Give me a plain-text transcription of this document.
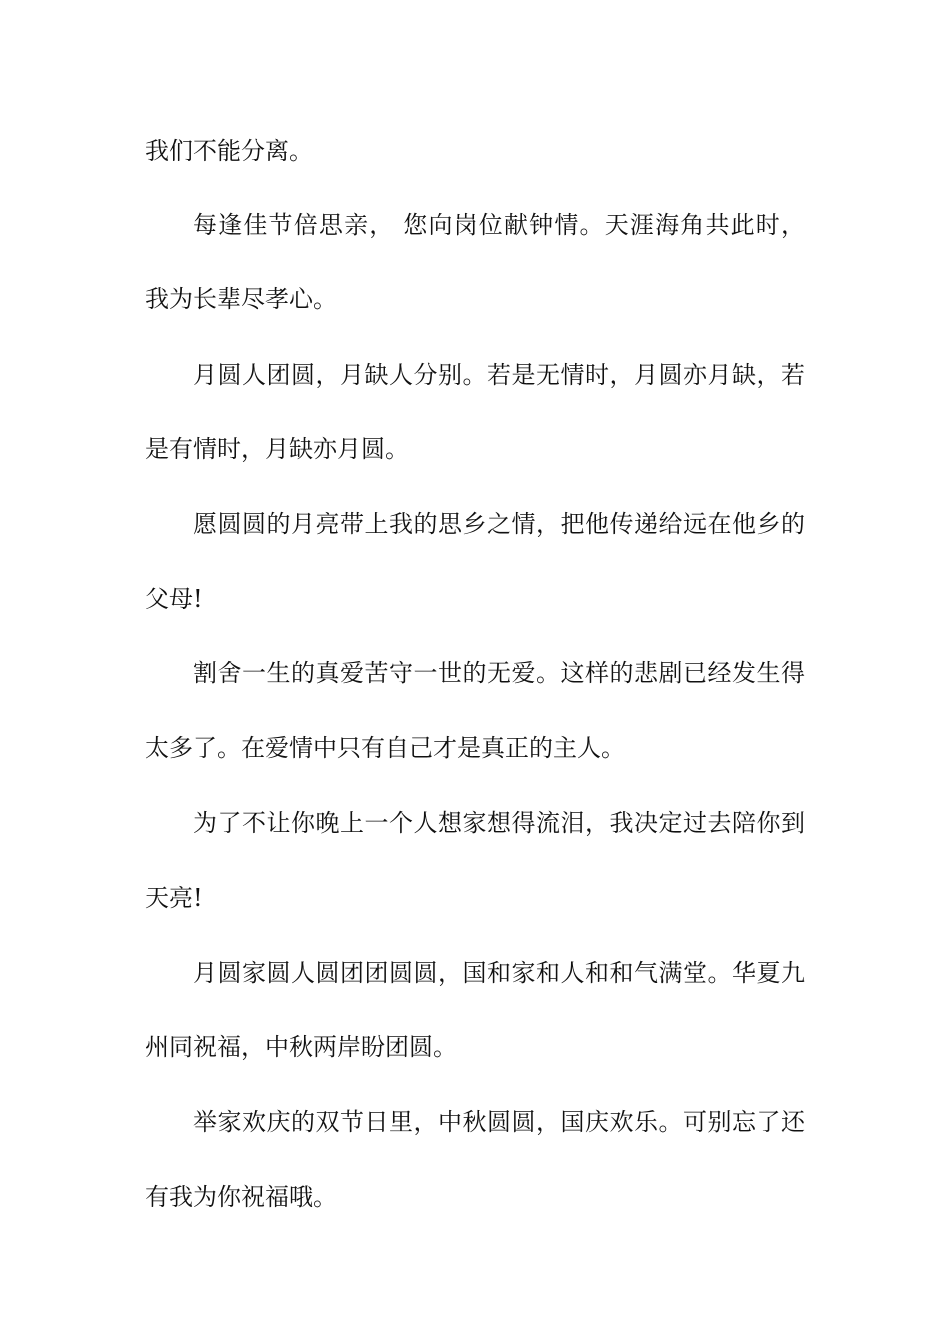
我们不能分离。

每逢佳节倍思亲， 您向岗位献钟情。天涯海角共此时，

我为长辈尽孝心。

月圆人团圆，月缺人分别。若是无情时，月圆亦月缺，若

是有情时，月缺亦月圆。

愿圆圆的月亮带上我的思乡之情，把他传递给远在他乡的

父母!

割舍一生的真爱苦守一世的无爱。这样的悲剧已经发生得

太多了。在爱情中只有自己才是真正的主人。

为了不让你晚上一个人想家想得流泪，我决定过去陪你到

天亮!

月圆家圆人圆团团圆圆，国和家和人和和气满堂。华夏九

州同祝福，中秋两岸盼团圆。

举家欢庆的双节日里，中秋圆圆，国庆欢乐。可别忘了还

有我为你祝福哦。
